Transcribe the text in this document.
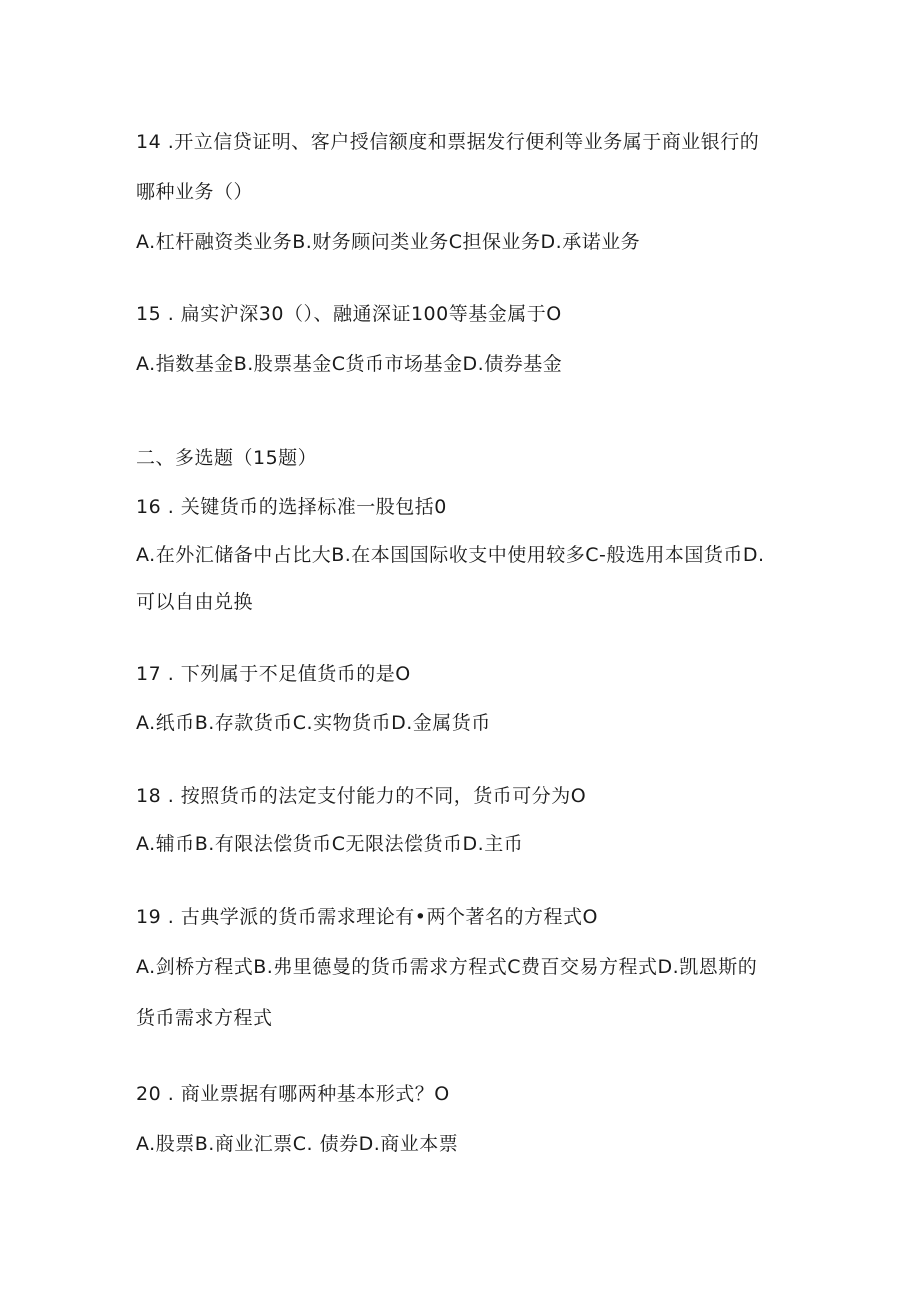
14 .开立信贷证明、客户授信额度和票据发行便利等业务属于商业银行的
哪种业务（）
A.杠杆融资类业务B.财务顾问类业务C担保业务D.承诺业务
15 . 扁实沪深30（）、融通深证100等基金属于O
A.指数基金B.股票基金C货币市场基金D.债券基金
二、多选题（15题）
16 . 关键货币的选择标准一股包括0
A.在外汇储备中占比大B.在本国国际收支中使用较多C-般选用本国货币D.
可以自由兑换
17 . 下列属于不足值货币的是O
A.纸币B.存款货币C.实物货币D.金属货币
18 . 按照货币的法定支付能力的不同，货币可分为O
A.辅币B.有限法偿货币C无限法偿货币D.主币
19 . 古典学派的货币需求理论有•两个著名的方程式O
A.剑桥方程式B.弗里德曼的货币需求方程式C费百交易方程式D.凯恩斯的
货币需求方程式
20 . 商业票据有哪两种基本形式？O
A.股票B.商业汇票C. 债券D.商业本票
